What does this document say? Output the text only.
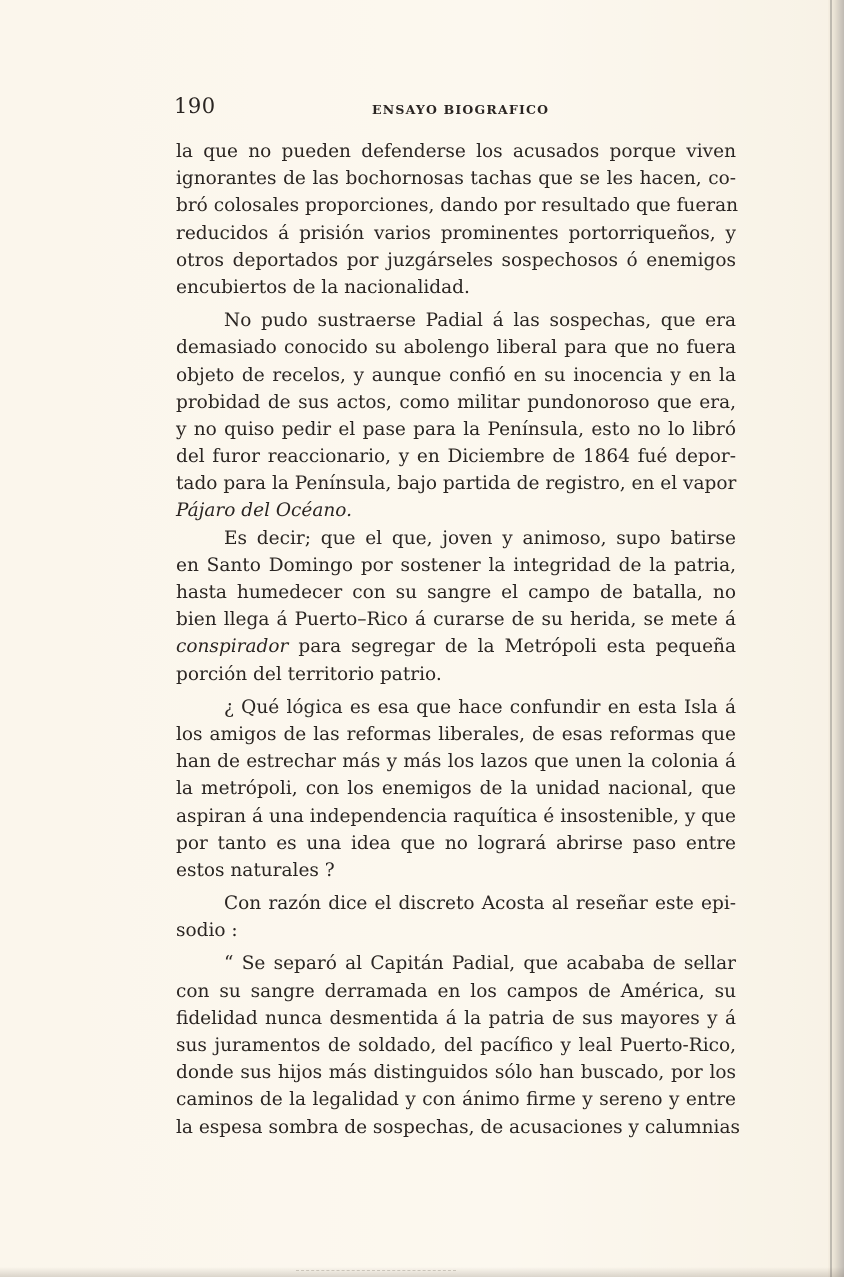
190	ENSAYO BIOGRAFICO
la que no pueden defenderse los acusados porque viven
ignorantes de las bochornosas tachas que se les hacen, co-
bró colosales proporciones, dando por resultado que fueran
reducidos á prisión varios prominentes portorriqueños, y
otros deportados por juzgárseles sospechosos ó enemigos
encubiertos de la nacionalidad.
No pudo sustraerse Padial á las sospechas, que era
demasiado conocido su abolengo liberal para que no fuera
objeto de recelos, y aunque confió en su inocencia y en la
probidad de sus actos, como militar pundonoroso que era,
y no quiso pedir el pase para la Península, esto no lo libró
del furor reaccionario, y en Diciembre de 1864 fué depor-
tado para la Península, bajo partida de registro, en el vapor
Pájaro del Océano.
Es decir; que el que, joven y animoso, supo batirse
en Santo Domingo por sostener la integridad de la patria,
hasta humedecer con su sangre el campo de batalla, no
bien llega á Puerto–Rico á curarse de su herida, se mete á
conspirador para segregar de la Metrópoli esta pequeña
porción del territorio patrio.
¿ Qué lógica es esa que hace confundir en esta Isla á
los amigos de las reformas liberales, de esas reformas que
han de estrechar más y más los lazos que unen la colonia á
la metrópoli, con los enemigos de la unidad nacional, que
aspiran á una independencia raquítica é insostenible, y que
por tanto es una idea que no logrará abrirse paso entre
estos naturales ?
Con razón dice el discreto Acosta al reseñar este epi-
sodio :
“ Se separó al Capitán Padial, que acababa de sellar
con su sangre derramada en los campos de América, su
fidelidad nunca desmentida á la patria de sus mayores y á
sus juramentos de soldado, del pacífico y leal Puerto-Rico,
donde sus hijos más distinguidos sólo han buscado, por los
caminos de la legalidad y con ánimo firme y sereno y entre
la espesa sombra de sospechas, de acusaciones y calumnias
